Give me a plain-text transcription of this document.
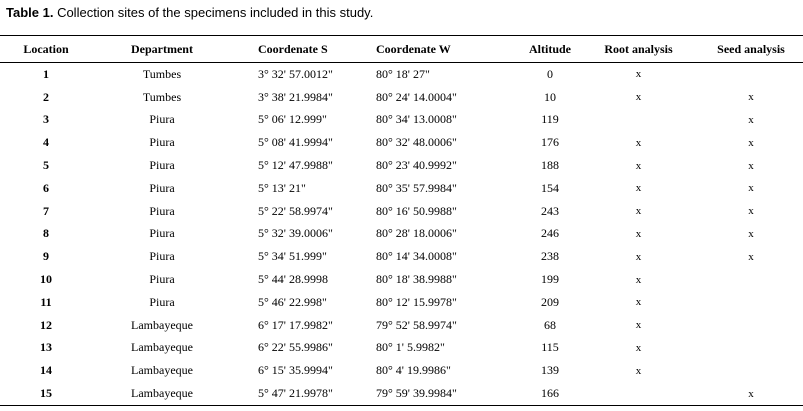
Table 1. Collection sites of the specimens included in this study.
Location	Department	Coordenate S	Coordenate W	Altitude	Root analysis	Seed analysis
1	Tumbes	3° 32' 57.0012"	80° 18' 27"	0	x	
2	Tumbes	3° 38' 21.9984"	80° 24' 14.0004"	10	x	x
3	Piura	5° 06' 12.999"	80° 34' 13.0008"	119		x
4	Piura	5° 08' 41.9994"	80° 32' 48.0006"	176	x	x
5	Piura	5° 12' 47.9988"	80° 23' 40.9992"	188	x	x
6	Piura	5° 13' 21"	80° 35' 57.9984"	154	x	x
7	Piura	5° 22' 58.9974"	80° 16' 50.9988"	243	x	x
8	Piura	5° 32' 39.0006"	80° 28' 18.0006"	246	x	x
9	Piura	5° 34' 51.999"	80° 14' 34.0008"	238	x	x
10	Piura	5° 44' 28.9998	80° 18' 38.9988"	199	x	
11	Piura	5° 46' 22.998"	80° 12' 15.9978"	209	x	
12	Lambayeque	6° 17' 17.9982"	79° 52' 58.9974"	68	x	
13	Lambayeque	6° 22' 55.9986"	80° 1' 5.9982"	115	x	
14	Lambayeque	6° 15' 35.9994"	80° 4' 19.9986"	139	x	
15	Lambayeque	5° 47' 21.9978"	79° 59' 39.9984"	166		x
